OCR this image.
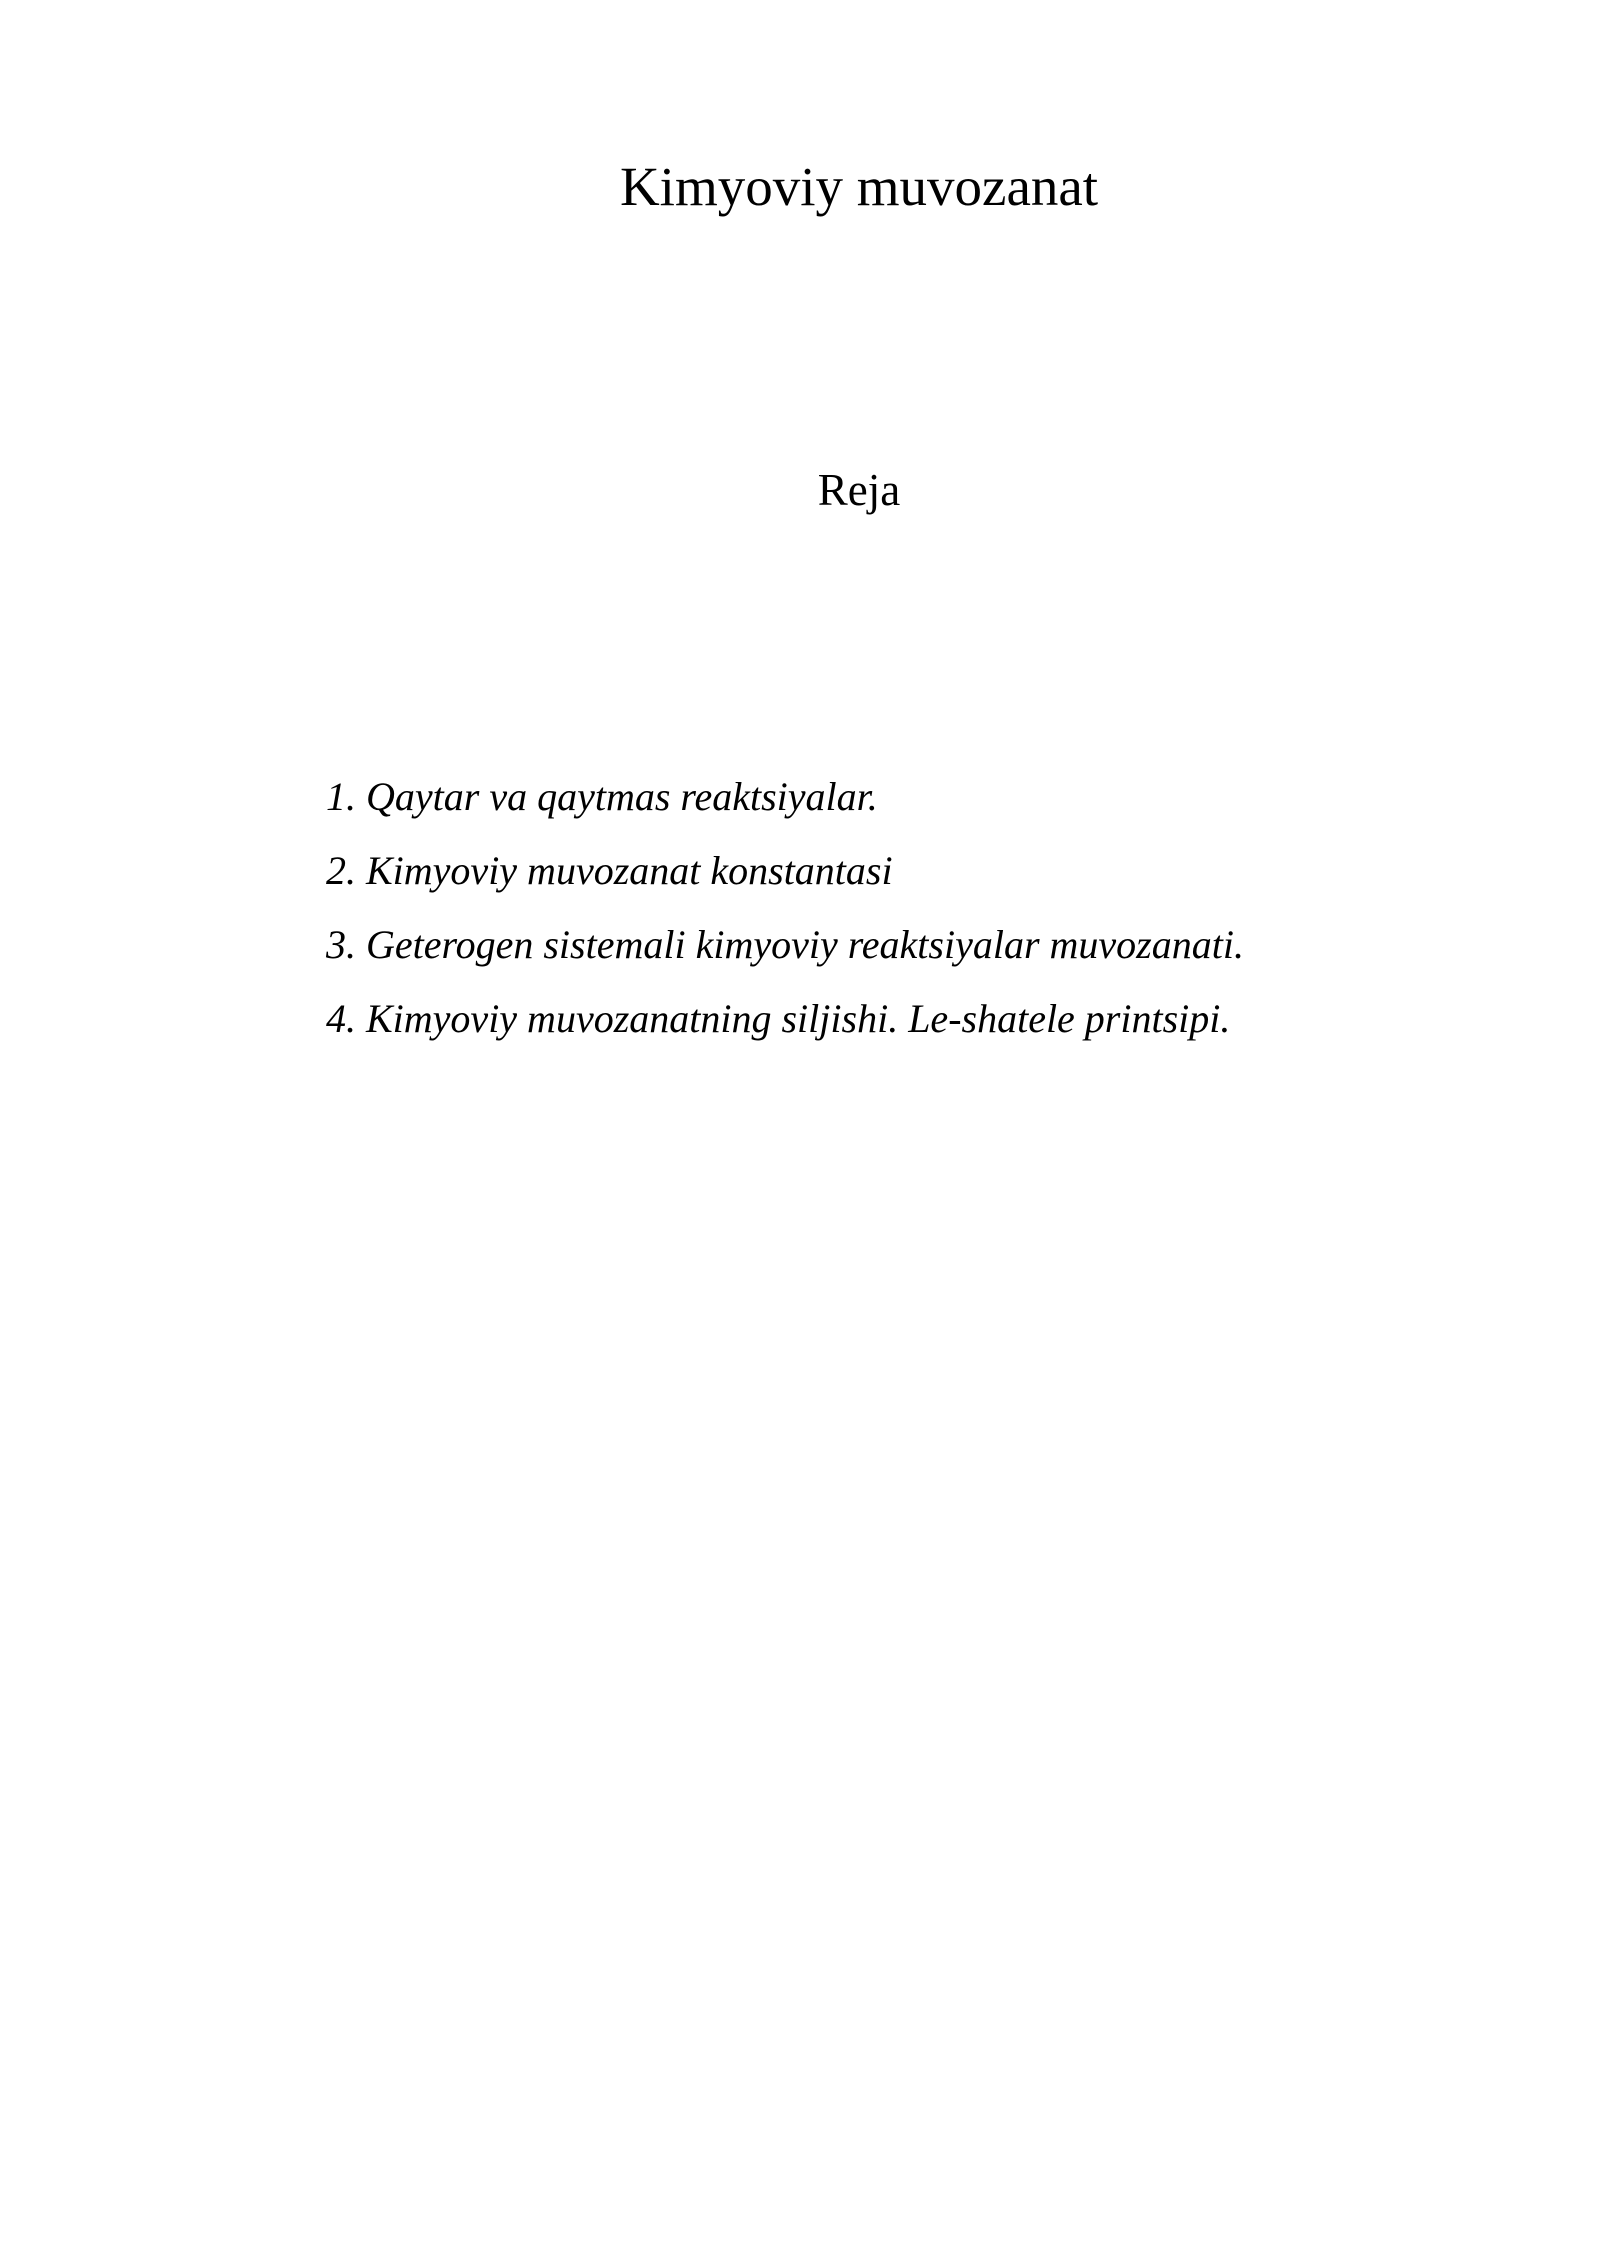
Kimyoviy muvozanat
Reja
1. Qaytar va qaytmas reaktsiyalar.
2. Kimyoviy muvozanat konstantasi
3. Geterogen sistemali kimyoviy reaktsiyalar muvozanati.
4. Kimyoviy muvozanatning siljishi. Le-shatele printsipi.
